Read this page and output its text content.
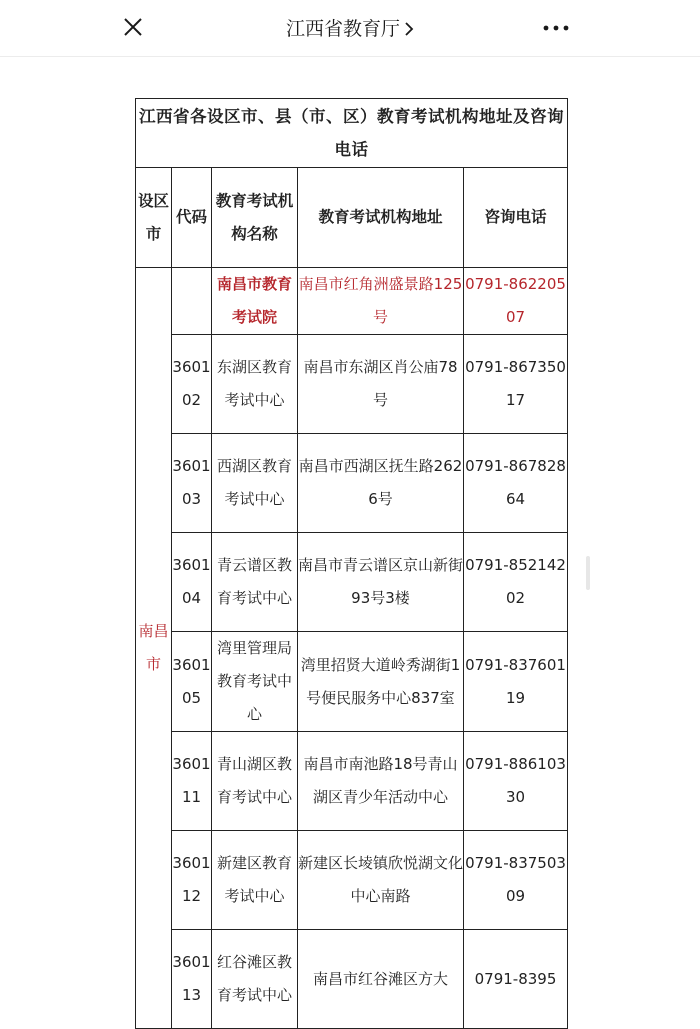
江西省教育厅
江西省各设区市、县（市、区）教育考试机构地址及咨询电话				
设区市	代码	教育考试机构名称	教育考试机构地址	咨询电话
南昌市		南昌市教育考试院	南昌市红角洲盛景路125号	0791-86220507
	360102	东湖区教育考试中心	南昌市东湖区肖公庙78号	0791-86735017
	360103	西湖区教育考试中心	南昌市西湖区抚生路2626号	0791-86782864
	360104	青云谱区教育考试中心	南昌市青云谱区京山新街93号3楼	0791-85214202
	360105	湾里管理局教育考试中心	湾里招贤大道岭秀湖街1号便民服务中心837室	0791-83760119
	360111	青山湖区教育考试中心	南昌市南池路18号青山湖区青少年活动中心	0791-88610330
	360112	新建区教育考试中心	新建区长堎镇欣悦湖文化中心南路	0791-83750309
	360113	红谷滩区教育考试中心	南昌市红谷滩区方大	0791-8395
